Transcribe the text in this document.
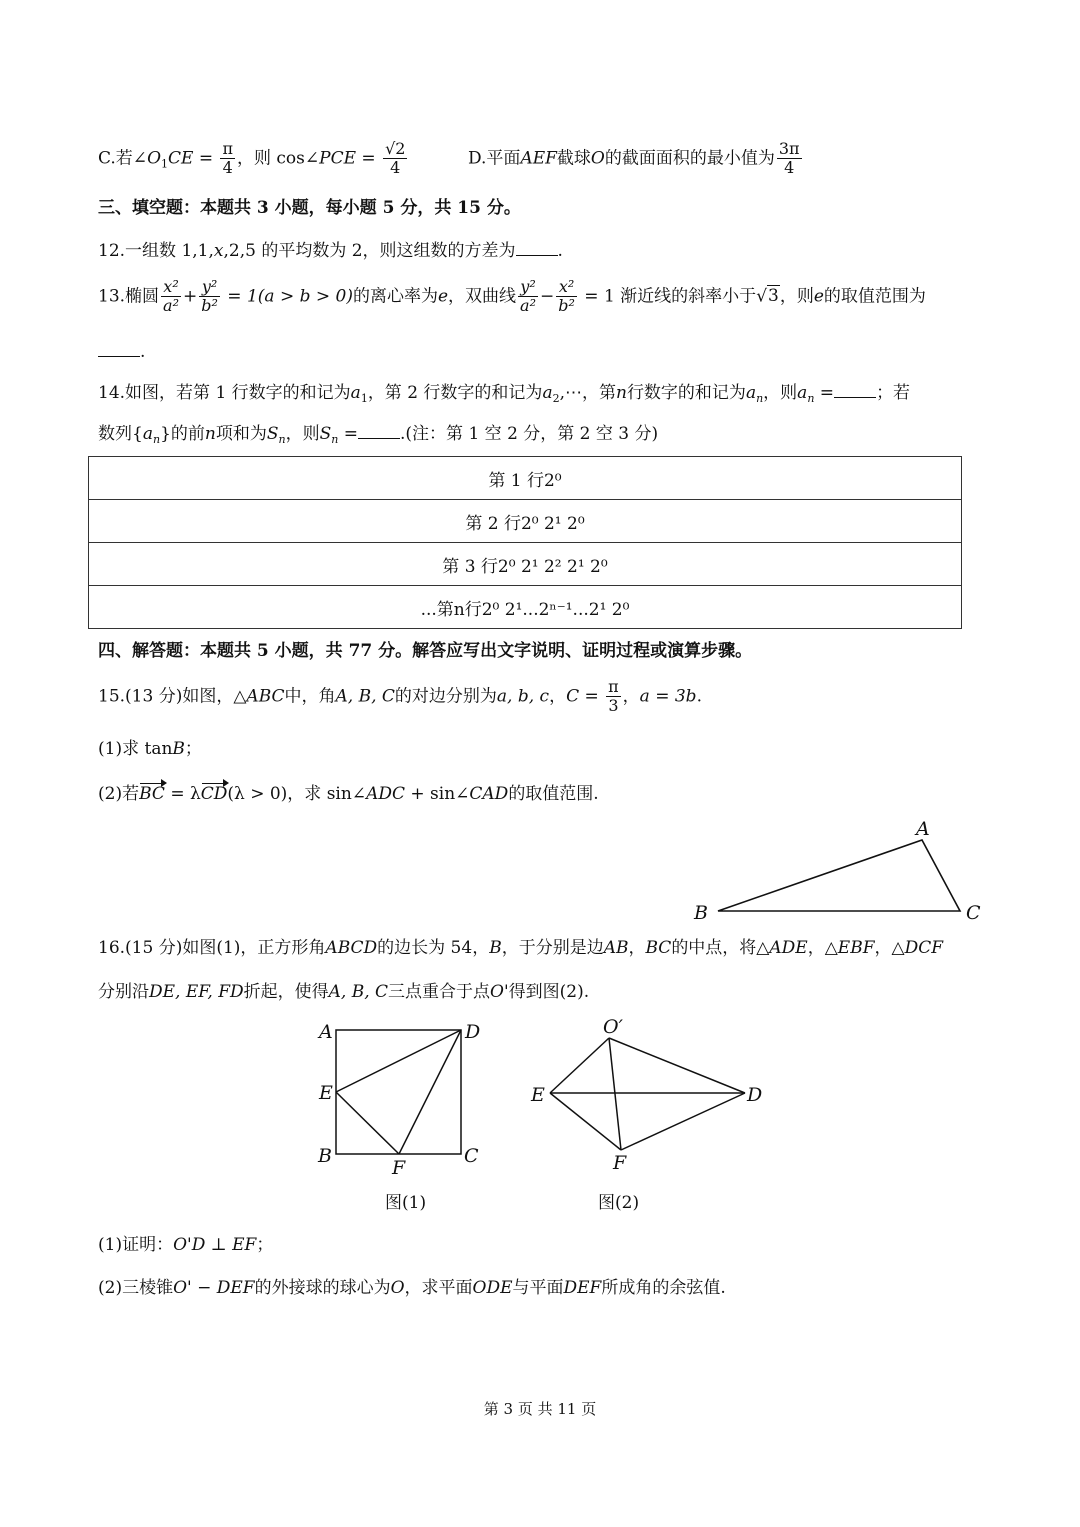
C.若$\angle O_1CE = \frac{\pi}{4}$ ，则 cos∠PCE = $\frac{√2}{4}$	D.平面AEF截球O的截面面积的最小值为 $\frac{3\pi}{4}$
三、填空题：本题共 3 小题，每小题 5 分，共 15 分。
12.一组数 1,1,x,2,5 的平均数为 2，则这组数的方差为 .
13.椭圆 $\frac{\text{x²}}{\text{a²}} + \frac{\text{y²}}{\text{b²}} = 1(a > b > 0)$的离心率为e，双曲线 $\frac{\text{y²}}{\text{a²}} - \frac{\text{x²}}{\text{b²}} = 1$ 渐近线的斜率小于√3，则e的取值范围为
.
14.如图，若第 1 行数字的和记为$a_1$，第 2 行数字的和记为$a_2,\cdots$，第n行数字的和记为$a_n$，则$a_n$ = ；若
数列$\{a_n\}$的前n项和为$S_n$，则$S_n$ = .(注：第 1 空 2 分，第 2 空 3 分)
第 1 行2⁰
第 2 行2⁰ 2¹ 2⁰
第 3 行2⁰ 2¹ 2² 2¹ 2⁰
...第n行2⁰ 2¹...2ⁿ⁻¹...2¹ 2⁰
四、解答题：本题共 5 小题，共 77 分。解答应写出文字说明、证明过程或演算步骤。
15.(13 分)如图，△ABC中，角A, B, C的对边分别为a, b, c，$C = \frac{\pi}{3}$ ，a = 3b.
(1)求 tanB；
(2)若BC = λCD(λ > 0)，求 sin∠ADC + sin∠CAD的取值范围.
A
B	C
16.(15 分)如图(1)，正方形角ABCD的边长为 54，B，于分别是边AB，BC的中点，将△ADE，△EBF，△DCF
分别沿DE, EF, FD折起，使得A, B, C三点重合于点O'得到图(2).
A	D
E
B
F
C
图(1)
O′
E	D
F
图(2)
(1)证明：O'D ⊥ EF；
(2)三棱锥O' − DEF的外接球的球心为O，求平面ODE与平面DEF所成角的余弦值.
第 3 页 共 11 页
